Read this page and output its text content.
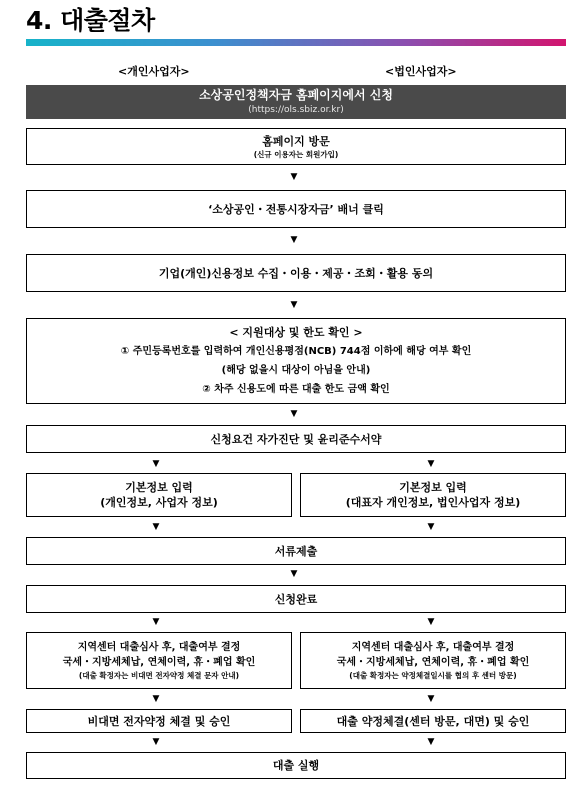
4. 대출절차
<개인사업자>	<법인사업자>
소상공인정책자금 홈페이지에서 신청
(https://ols.sbiz.or.kr)
홈페이지 방문
(신규 이용자는 회원가입)
▼
‘소상공인・전통시장자금’ 배너 클릭
▼
기업(개인)신용정보 수집・이용・제공・조회・활용 동의
▼
< 지원대상 및 한도 확인 >
① 주민등록번호를 입력하여 개인신용평점(NCB) 744점 이하에 해당 여부 확인
(해당 없을시 대상이 아님을 안내)
② 차주 신용도에 따른 대출 한도 금액 확인
▼
신청요건 자가진단 및 윤리준수서약
▼	▼
기본정보 입력
(개인정보, 사업자 정보)
기본정보 입력
(대표자 개인정보, 법인사업자 정보)
▼	▼
서류제출
▼
신청완료
▼	▼
지역센터 대출심사 후, 대출여부 결정
국세・지방세체납, 연체이력, 휴・폐업 확인
(대출 확정자는 비대면 전자약정 체결 문자 안내)
지역센터 대출심사 후, 대출여부 결정
국세・지방세체납, 연체이력, 휴・폐업 확인
(대출 확정자는 약정체결일시를 협의 후 센터 방문)
▼	▼
비대면 전자약정 체결 및 승인	대출 약정체결(센터 방문, 대면) 및 승인
▼	▼
대출 실행
